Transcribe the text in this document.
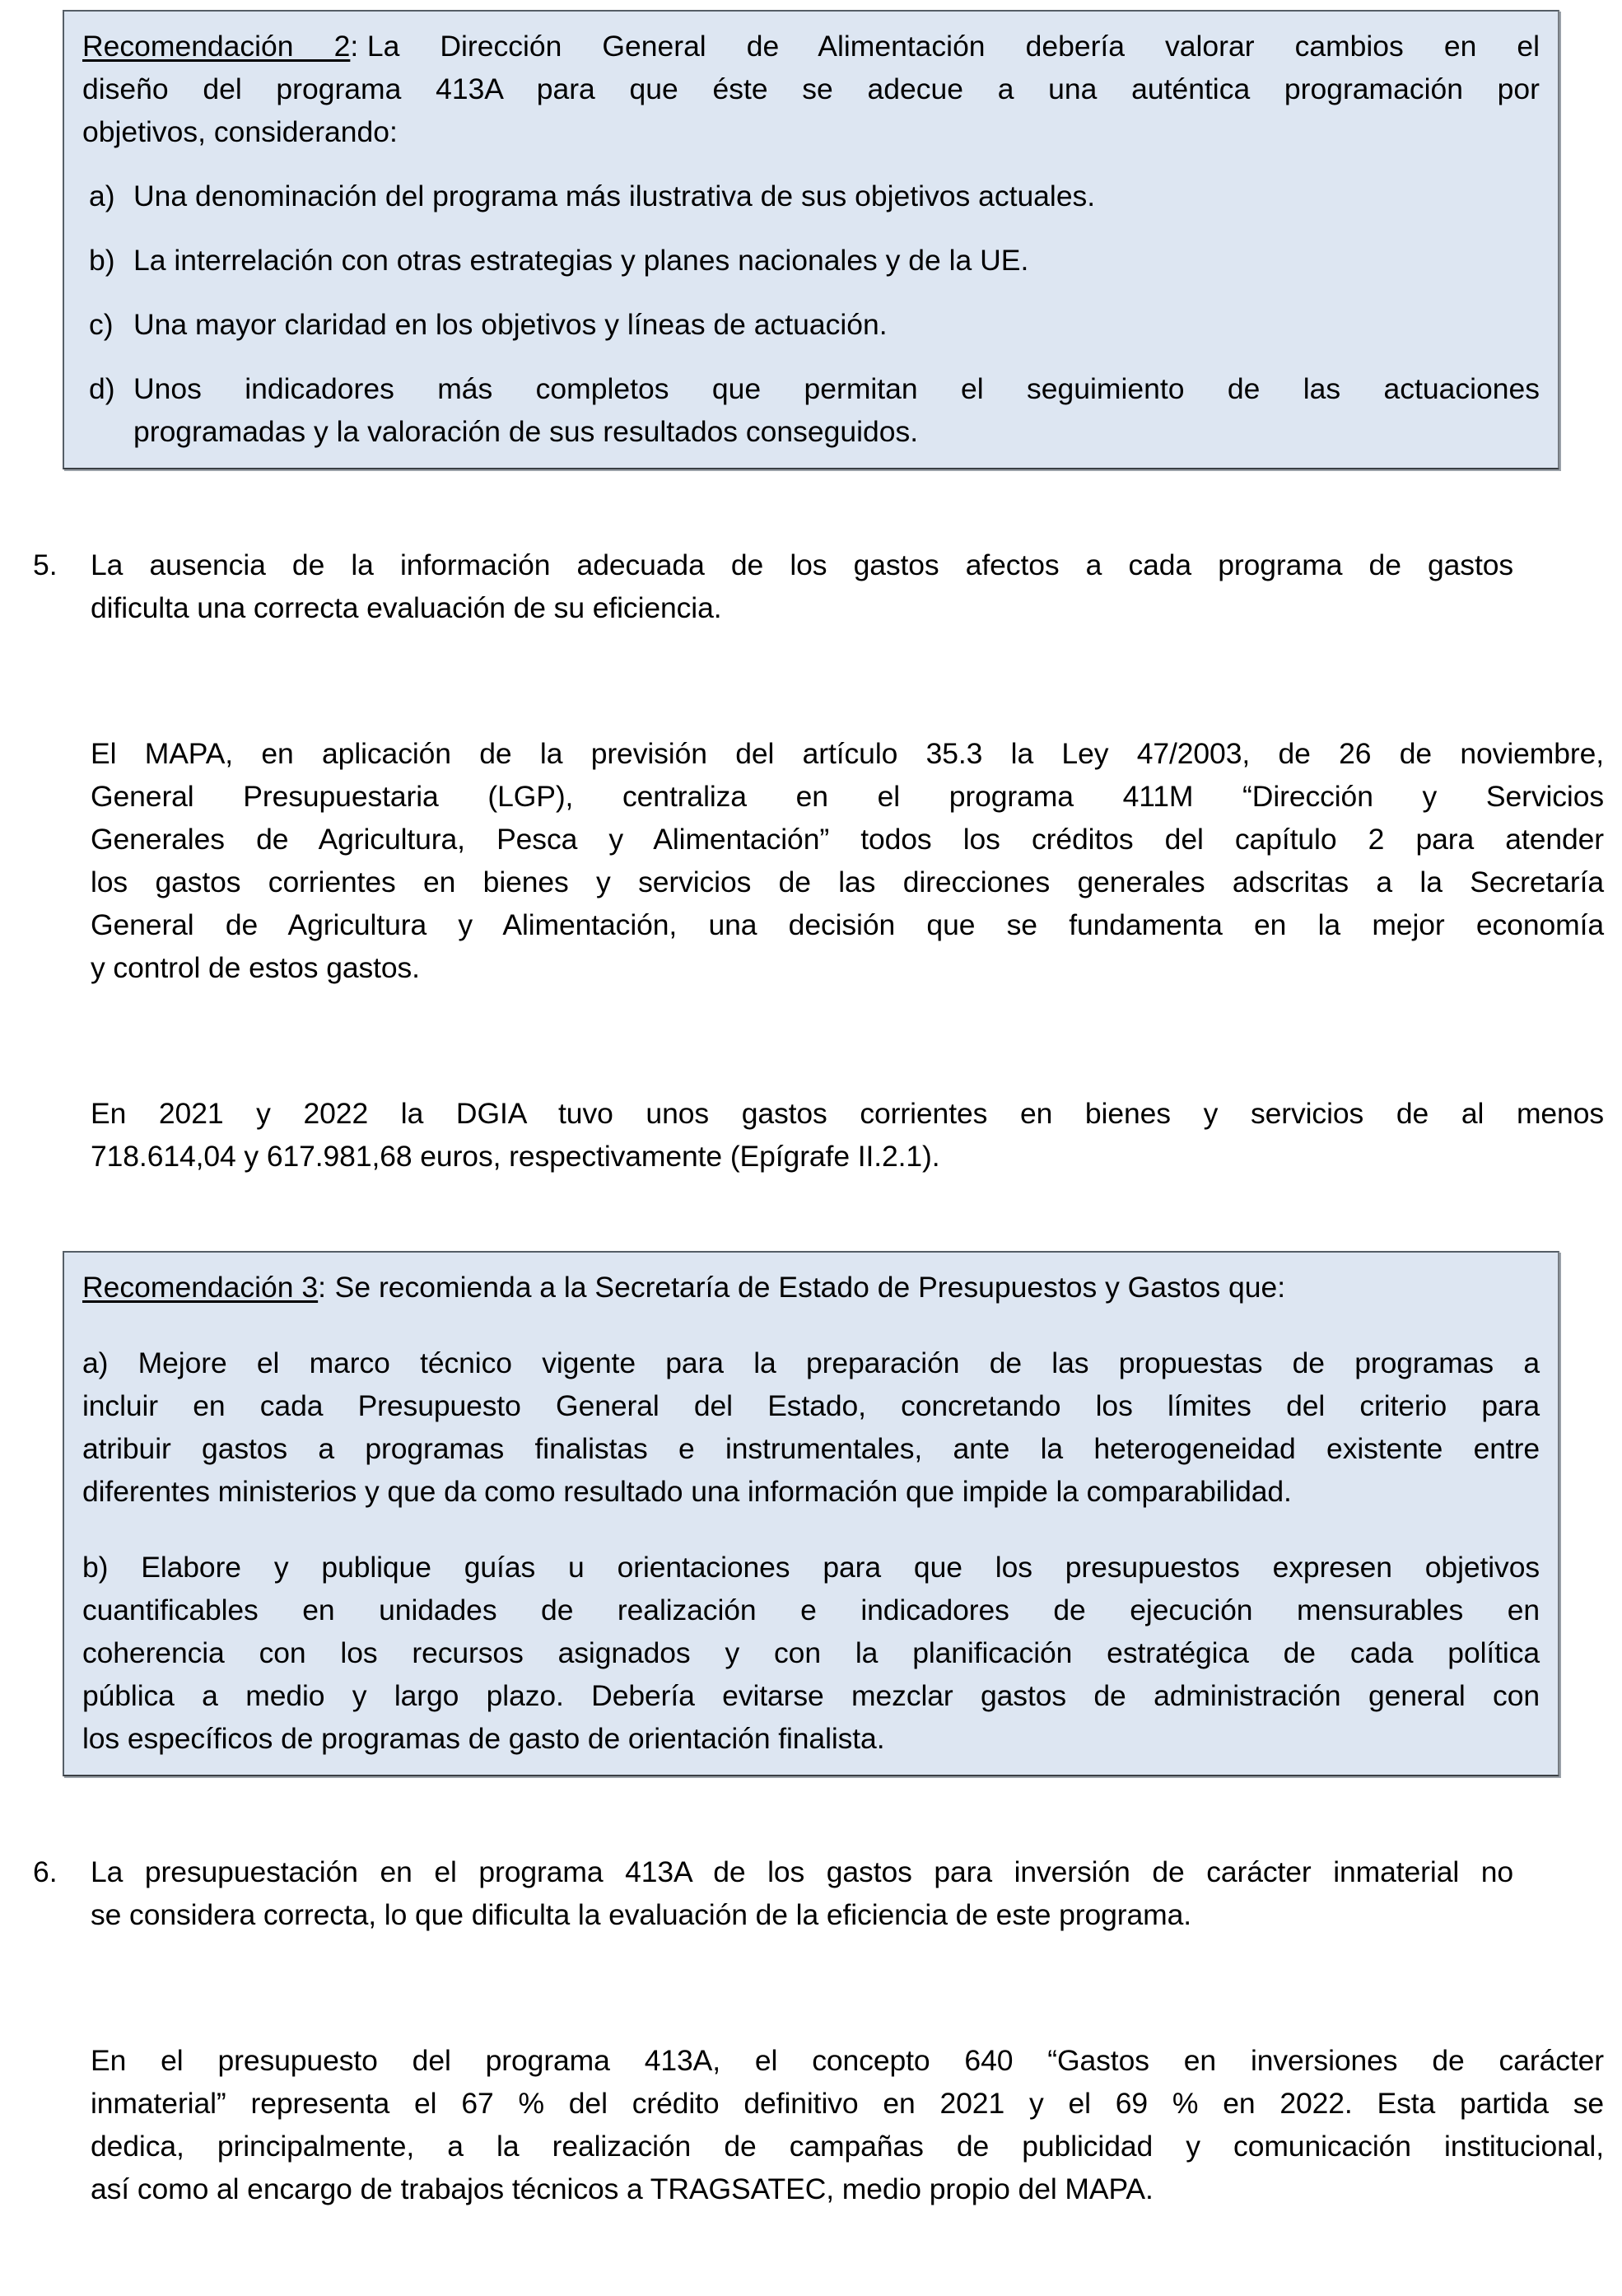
Recomendación 2: La Dirección General de Alimentación debería valorar cambios en el
diseño del programa 413A para que éste se adecue a una auténtica programación por
objetivos, considerando:

a) Una denominación del programa más ilustrativa de sus objetivos actuales.
b) La interrelación con otras estrategias y planes nacionales y de la UE.
c) Una mayor claridad en los objetivos y líneas de actuación.
d) Unos indicadores más completos que permitan el seguimiento de las actuaciones
programadas y la valoración de sus resultados conseguidos.
5. La ausencia de la información adecuada de los gastos afectos a cada programa de gastos
dificulta una correcta evaluación de su eficiencia.

El MAPA, en aplicación de la previsión del artículo 35.3 la Ley 47/2003, de 26 de noviembre,
General Presupuestaria (LGP), centraliza en el programa 411M “Dirección y Servicios
Generales de Agricultura, Pesca y Alimentación” todos los créditos del capítulo 2 para atender
los gastos corrientes en bienes y servicios de las direcciones generales adscritas a la Secretaría
General de Agricultura y Alimentación, una decisión que se fundamenta en la mejor economía
y control de estos gastos.

En 2021 y 2022 la DGIA tuvo unos gastos corrientes en bienes y servicios de al menos
718.614,04 y 617.981,68 euros, respectivamente (Epígrafe II.2.1).

Recomendación 3: Se recomienda a la Secretaría de Estado de Presupuestos y Gastos que:

a) Mejore el marco técnico vigente para la preparación de las propuestas de programas a
incluir en cada Presupuesto General del Estado, concretando los límites del criterio para
atribuir gastos a programas finalistas e instrumentales, ante la heterogeneidad existente entre
diferentes ministerios y que da como resultado una información que impide la comparabilidad.

b) Elabore y publique guías u orientaciones para que los presupuestos expresen objetivos
cuantificables en unidades de realización e indicadores de ejecución mensurables en
coherencia con los recursos asignados y con la planificación estratégica de cada política
pública a medio y largo plazo. Debería evitarse mezclar gastos de administración general con
los específicos de programas de gasto de orientación finalista.

6. La presupuestación en el programa 413A de los gastos para inversión de carácter inmaterial no
se considera correcta, lo que dificulta la evaluación de la eficiencia de este programa.

En el presupuesto del programa 413A, el concepto 640 “Gastos en inversiones de carácter
inmaterial” representa el 67 % del crédito definitivo en 2021 y el 69 % en 2022. Esta partida se
dedica, principalmente, a la realización de campañas de publicidad y comunicación institucional,
así como al encargo de trabajos técnicos a TRAGSATEC, medio propio del MAPA.
